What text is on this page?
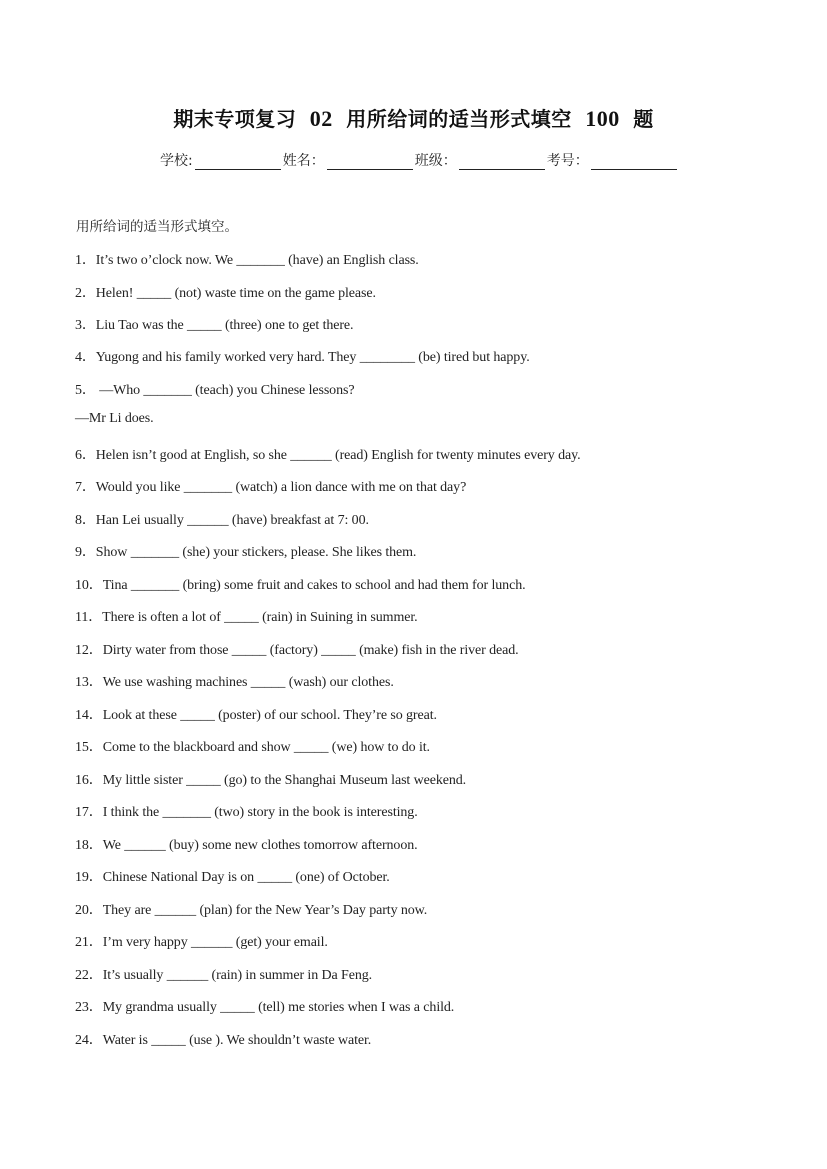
期末专项复习 02 用所给词的适当形式填空 100 题
学校:	姓名：	班级：	考号：
用所给词的适当形式填空。
1．It’s two o’clock now. We _______ (have) an English class.
2．Helen! _____ (not) waste time on the game please.
3．Liu Tao was the _____ (three) one to get there.
4．Yugong and his family worked very hard. They ________ (be) tired but happy.
5． —Who _______ (teach) you Chinese lessons?
—Mr Li does.
6．Helen isn’t good at English, so she ______ (read) English for twenty minutes every day.
7．Would you like _______ (watch) a lion dance with me on that day?
8．Han Lei usually ______ (have) breakfast at 7: 00.
9．Show _______ (she) your stickers, please. She likes them.
10．Tina _______ (bring) some fruit and cakes to school and had them for lunch.
11．There is often a lot of _____ (rain) in Suining in summer.
12．Dirty water from those _____ (factory) _____ (make) fish in the river dead.
13．We use washing machines _____ (wash) our clothes.
14．Look at these _____ (poster) of our school. They’re so great.
15．Come to the blackboard and show _____ (we) how to do it.
16．My little sister _____ (go) to the Shanghai Museum last weekend.
17．I think the _______ (two) story in the book is interesting.
18．We ______ (buy) some new clothes tomorrow afternoon.
19．Chinese National Day is on _____ (one) of October.
20．They are ______ (plan) for the New Year’s Day party now.
21．I’m very happy ______ (get) your email.
22．It’s usually ______ (rain) in summer in Da Feng.
23．My grandma usually _____ (tell) me stories when I was a child.
24．Water is _____ (use ). We shouldn’t waste water.
